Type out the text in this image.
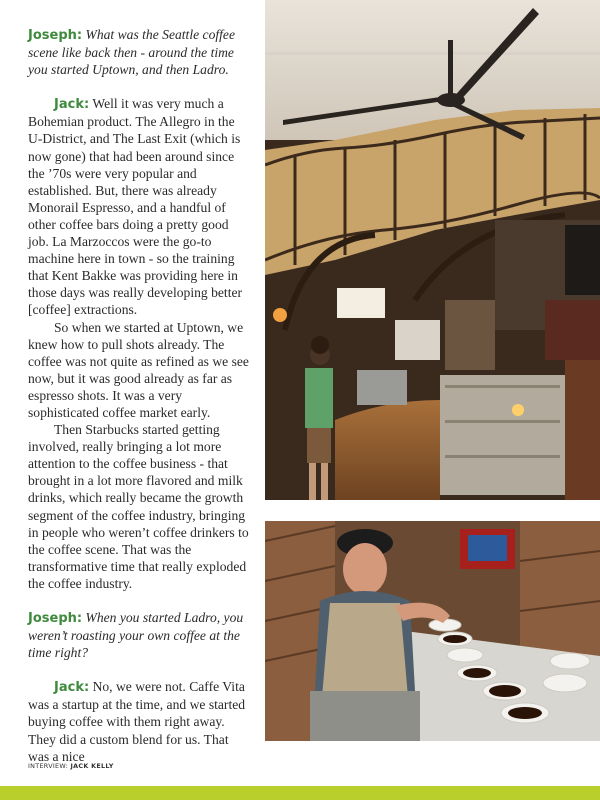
Joseph: What was the Seattle coffee scene like back then - around the time you started Uptown, and then Ladro.

Jack: Well it was very much a Bohemian product. The Allegro in the U-District, and The Last Exit (which is now gone) that had been around since the ’70s were very popular and established. But, there was already Monorail Espresso, and a handful of other coffee bars doing a pretty good job. La Marzoccos were the go-to machine here in town - so the training that Kent Bakke was providing here in those days was really developing better [coffee] extractions.

So when we started at Uptown, we knew how to pull shots already. The coffee was not quite as refined as we see now, but it was good already as far as espresso shots. It was a very sophisticated coffee market early.

Then Starbucks started getting involved, really bringing a lot more attention to the coffee business - that brought in a lot more flavored and milk drinks, which really became the growth segment of the coffee industry, bringing in people who weren’t coffee drinkers to the coffee scene. That was the transformative time that really exploded the coffee industry.

Joseph: When you started Ladro, you weren’t roasting your own coffee at the time right?

Jack: No, we were not. Caffe Vita was a startup at the time, and we started buying coffee with them right away. They did a custom blend for us. That was a nice

INTERVIEW: JACK KELLY
